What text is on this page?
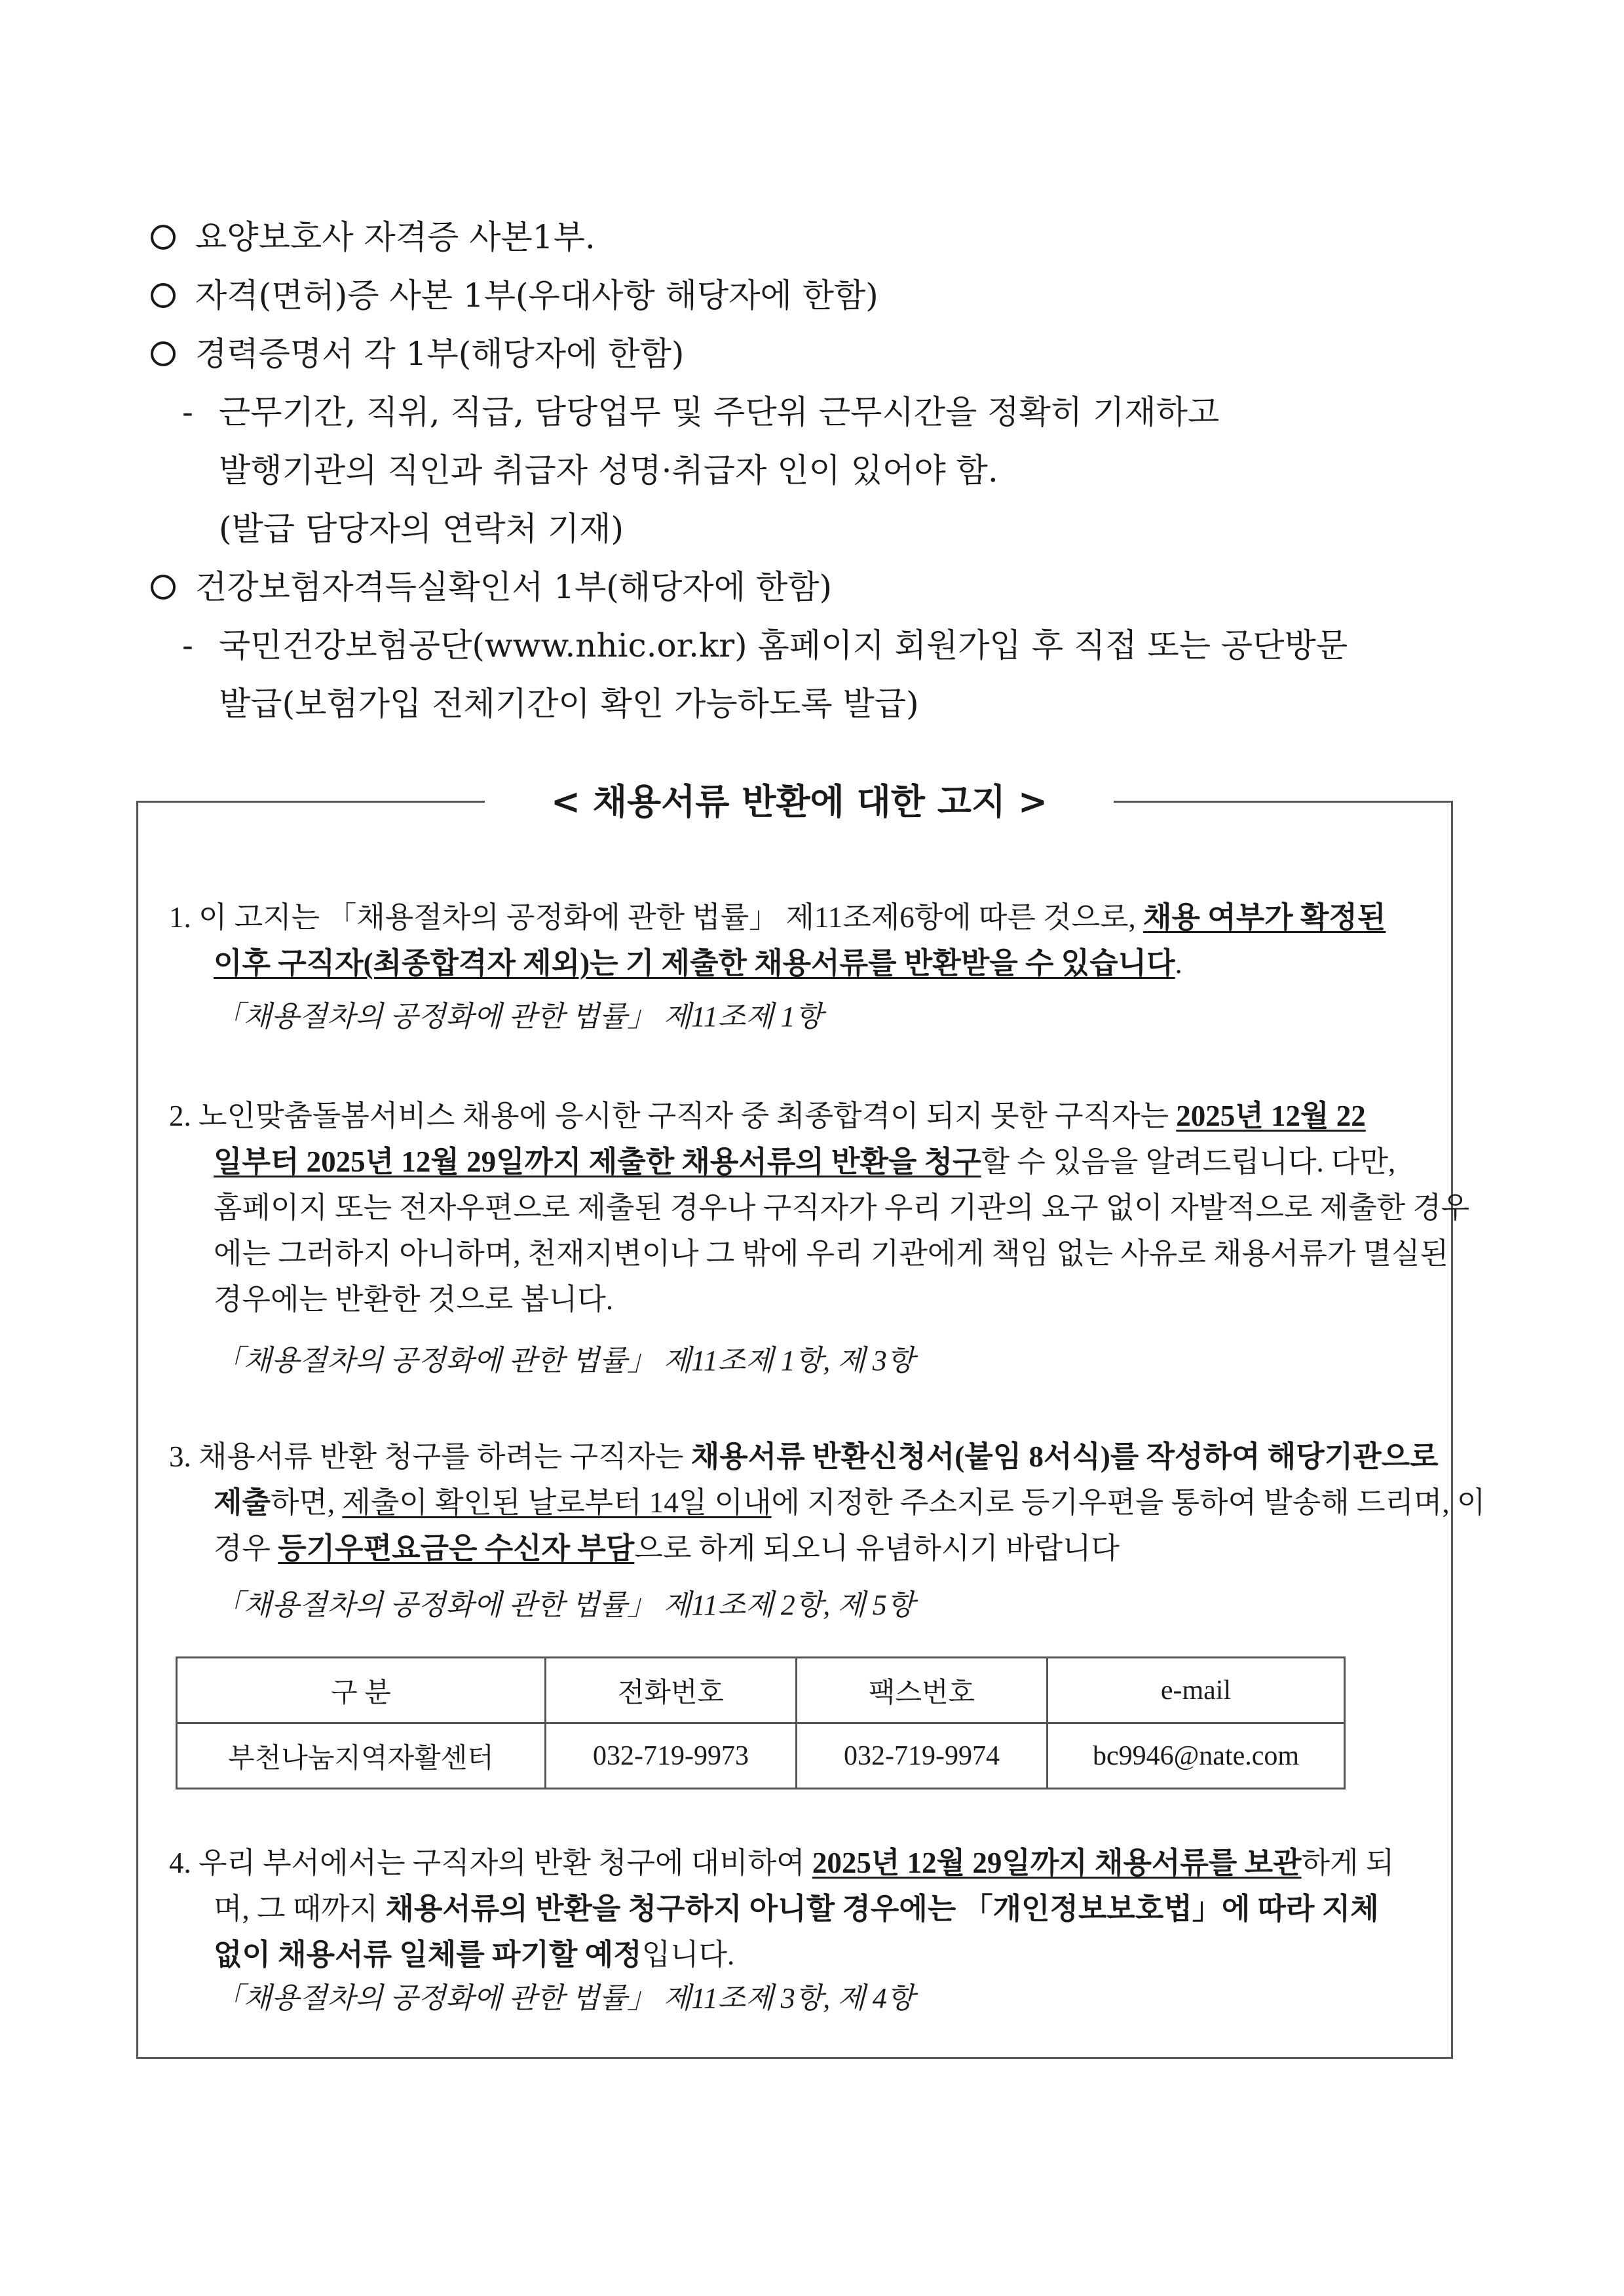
요양보호사 자격증 사본1부.
자격(면허)증 사본 1부(우대사항 해당자에 한함)
경력증명서 각 1부(해당자에 한함)
- 근무기간, 직위, 직급, 담당업무 및 주단위 근무시간을 정확히 기재하고
발행기관의 직인과 취급자 성명·취급자 인이 있어야 함.
(발급 담당자의 연락처 기재)
건강보험자격득실확인서 1부(해당자에 한함)
- 국민건강보험공단(www.nhic.or.kr) 홈페이지 회원가입 후 직접 또는 공단방문
발급(보험가입 전체기간이 확인 가능하도록 발급)
< 채용서류 반환에 대한 고지 >
1. 이 고지는 「채용절차의 공정화에 관한 법률」 제11조제6항에 따른 것으로, 채용 여부가 확정된
이후 구직자(최종합격자 제외)는 기 제출한 채용서류를 반환받을 수 있습니다.
「채용절차의 공정화에 관한 법률」 제11조제 1항
2. 노인맞춤돌봄서비스 채용에 응시한 구직자 중 최종합격이 되지 못한 구직자는 2025년 12월 22
일부터 2025년 12월 29일까지 제출한 채용서류의 반환을 청구할 수 있음을 알려드립니다. 다만,
홈페이지 또는 전자우편으로 제출된 경우나 구직자가 우리 기관의 요구 없이 자발적으로 제출한 경우
에는 그러하지 아니하며, 천재지변이나 그 밖에 우리 기관에게 책임 없는 사유로 채용서류가 멸실된
경우에는 반환한 것으로 봅니다.
「채용절차의 공정화에 관한 법률」 제11조제 1항, 제 3항
3. 채용서류 반환 청구를 하려는 구직자는 채용서류 반환신청서(붙임 8서식)를 작성하여 해당기관으로
제출하면, 제출이 확인된 날로부터 14일 이내에 지정한 주소지로 등기우편을 통하여 발송해 드리며, 이
경우 등기우편요금은 수신자 부담으로 하게 되오니 유념하시기 바랍니다
「채용절차의 공정화에 관한 법률」 제11조제 2항, 제 5항
구 분	전화번호	팩스번호	e-mail
부천나눔지역자활센터	032-719-9973	032-719-9974	bc9946@nate.com
4. 우리 부서에서는 구직자의 반환 청구에 대비하여 2025년 12월 29일까지 채용서류를 보관하게 되
며, 그 때까지 채용서류의 반환을 청구하지 아니할 경우에는 「개인정보보호법」에 따라 지체
없이 채용서류 일체를 파기할 예정입니다.
「채용절차의 공정화에 관한 법률」 제11조제 3항, 제 4항
